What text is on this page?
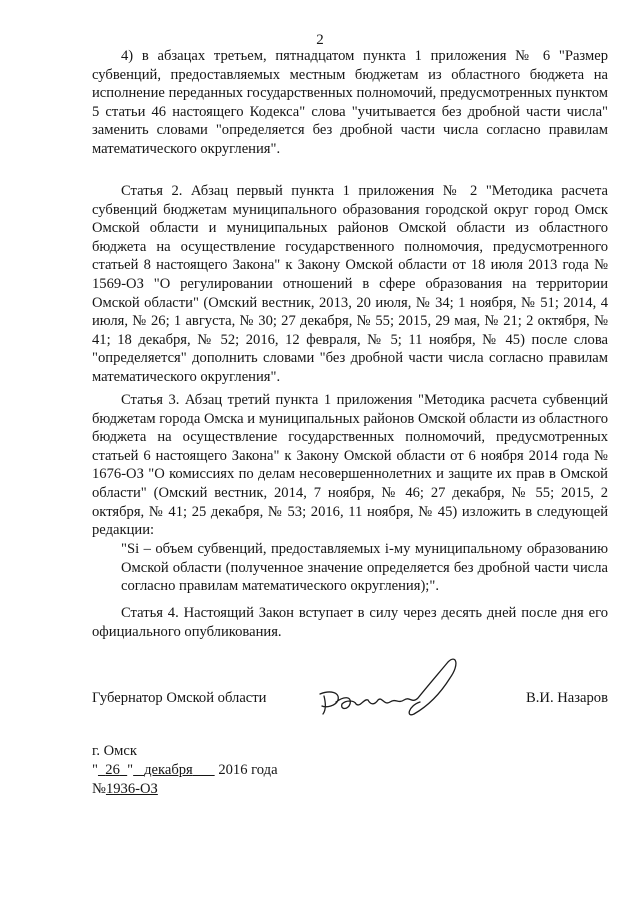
2

4) в абзацах третьем, пятнадцатом пункта 1 приложения № 6 "Размер субвенций, предоставляемых местным бюджетам из областного бюджета на исполнение переданных государственных полномочий, предусмотренных пунктом 5 статьи 46 настоящего Кодекса" слова "учитывается без дробной части числа" заменить словами "определяется без дробной части числа согласно правилам математического округления".

Статья 2. Абзац первый пункта 1 приложения № 2 "Методика расчета субвенций бюджетам муниципального образования городской округ город Омск Омской области и муниципальных районов Омской области из областного бюджета на осуществление государственного полномочия, предусмотренного статьей 8 настоящего Закона" к Закону Омской области от 18 июля 2013 года № 1569-ОЗ "О регулировании отношений в сфере образования на территории Омской области" (Омский вестник, 2013, 20 июля, № 34; 1 ноября, № 51; 2014, 4 июля, № 26; 1 августа, № 30; 27 декабря, № 55; 2015, 29 мая, № 21; 2 октября, № 41; 18 декабря, № 52; 2016, 12 февраля, № 5; 11 ноября, № 45) после слова "определяется" дополнить словами "без дробной части числа согласно правилам математического округления".

Статья 3. Абзац третий пункта 1 приложения "Методика расчета субвенций бюджетам города Омска и муниципальных районов Омской области из областного бюджета на осуществление государственных полномочий, предусмотренных статьей 6 настоящего Закона" к Закону Омской области от 6 ноября 2014 года № 1676-ОЗ "О комиссиях по делам несовершеннолетних и защите их прав в Омской области" (Омский вестник, 2014, 7 ноября, № 46; 27 декабря, № 55; 2015, 2 октября, № 41; 25 декабря, № 53; 2016, 11 ноября, № 45) изложить в следующей редакции:

"Si – объем субвенций, предоставляемых i-му муниципальному образованию Омской области (полученное значение определяется без дробной части числа согласно правилам математического округления);".

Статья 4. Настоящий Закон вступает в силу через десять дней после дня его официального опубликования.

Губернатор Омской области	В.И. Назаров
г. Омск
" 26 " декабря 2016 года
№1936-ОЗ
